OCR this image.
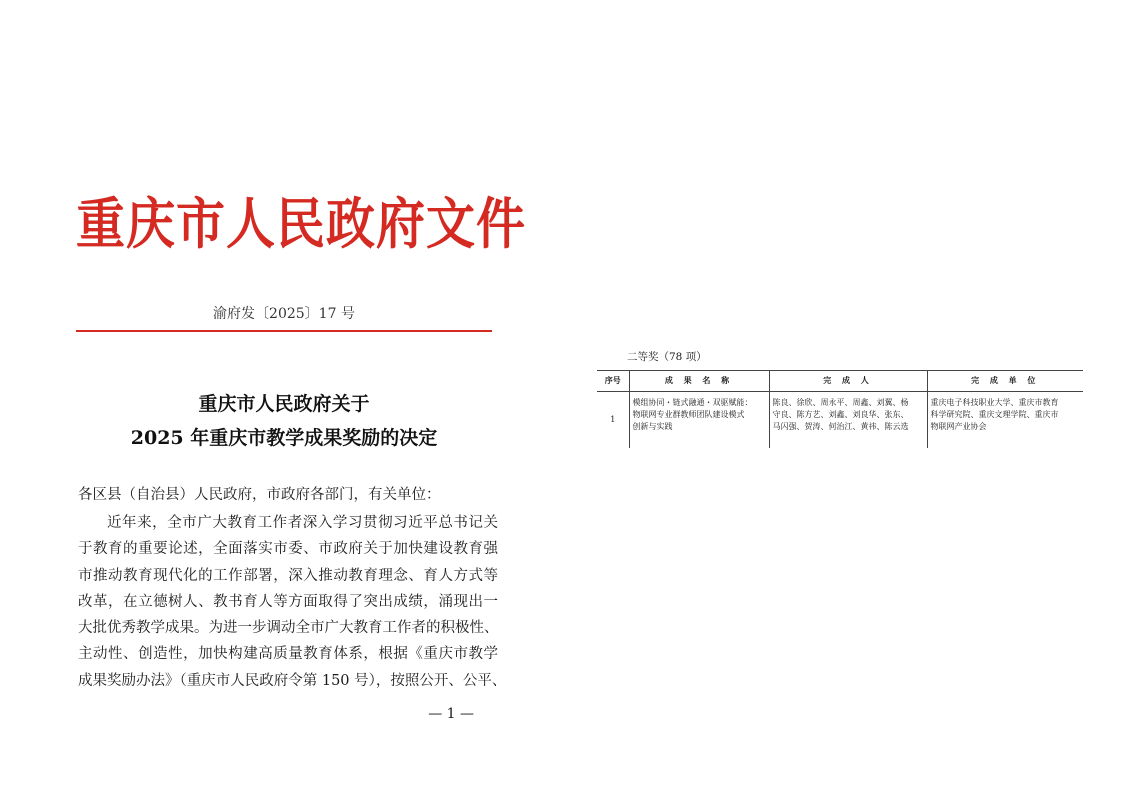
重庆市人民政府文件
渝府发〔2025〕17 号
重庆市人民政府关于
2025 年重庆市教学成果奖励的决定

各区县（自治县）人民政府，市政府各部门，有关单位：

近年来，全市广大教育工作者深入学习贯彻习近平总书记关
于教育的重要论述，全面落实市委、市政府关于加快建设教育强
市推动教育现代化的工作部署，深入推动教育理念、育人方式等
改革，在立德树人、教书育人等方面取得了突出成绩，涌现出一
大批优秀教学成果。为进一步调动全市广大教育工作者的积极性、
主动性、创造性，加快构建高质量教育体系，根据《重庆市教学
成果奖励办法》（重庆市人民政府令第 150 号），按照公开、公平、

— 1 —
二等奖（78 项）
序号	成 果 名 称	完 成 人	完 成 单 位
1	模组协同・链式融通・双驱赋能：
物联网专业群教师团队建设模式
创新与实践	陈良、徐欣、周永平、周鑫、刘翼、杨
守良、陈方艺、刘鑫、刘良华、张东、
马闪强、贺涛、何治江、黄祎、陈云选	重庆电子科技职业大学、重庆市教育
科学研究院、重庆文理学院、重庆市
物联网产业协会
